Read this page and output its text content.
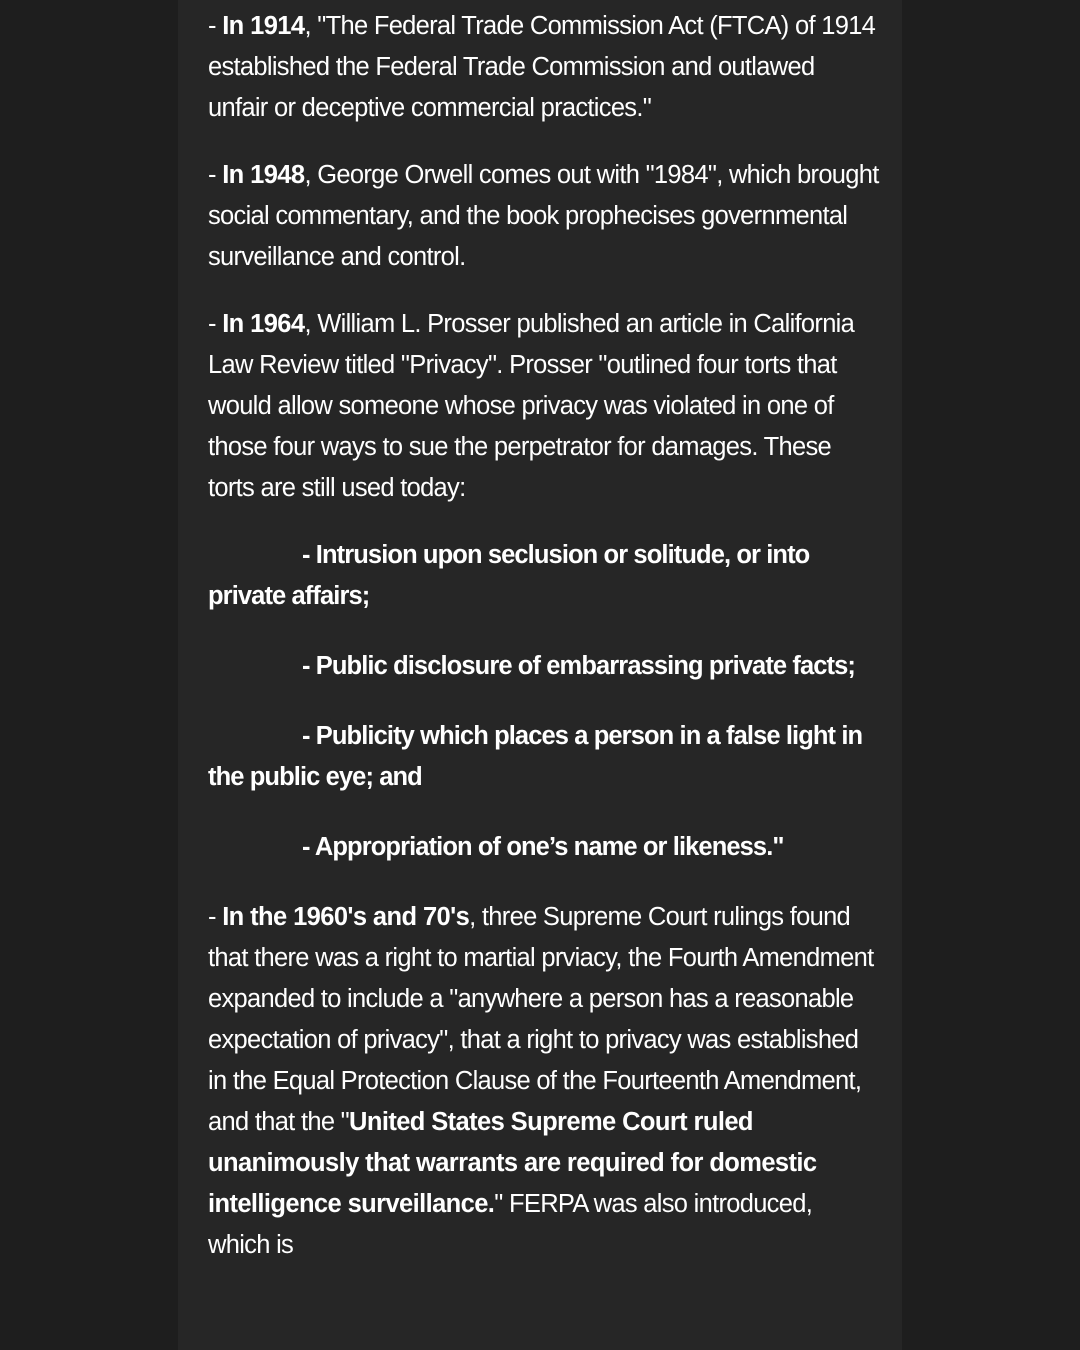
- In 1914, "The Federal Trade Commission Act (FTCA) of 1914 established the Federal Trade Commission and outlawed unfair or deceptive commercial practices."

- In 1948, George Orwell comes out with "1984", which brought social commentary, and the book prophecises governmental surveillance and control.

- In 1964, William L. Prosser published an article in California Law Review titled "Privacy". Prosser "outlined four torts that would allow someone whose privacy was violated in one of those four ways to sue the perpetrator for damages. These torts are still used today:

- Intrusion upon seclusion or solitude, or into private affairs;

- Public disclosure of embarrassing private facts;

- Publicity which places a person in a false light in the public eye; and

- Appropriation of one’s name or likeness."

- In the 1960's and 70's, three Supreme Court rulings found that there was a right to martial prviacy, the Fourth Amendment expanded to include a "anywhere a person has a reasonable expectation of privacy", that a right to privacy was established in the Equal Protection Clause of the Fourteenth Amendment, and that the "United States Supreme Court ruled unanimously that warrants are required for domestic intelligence surveillance." FERPA was also introduced, which is
